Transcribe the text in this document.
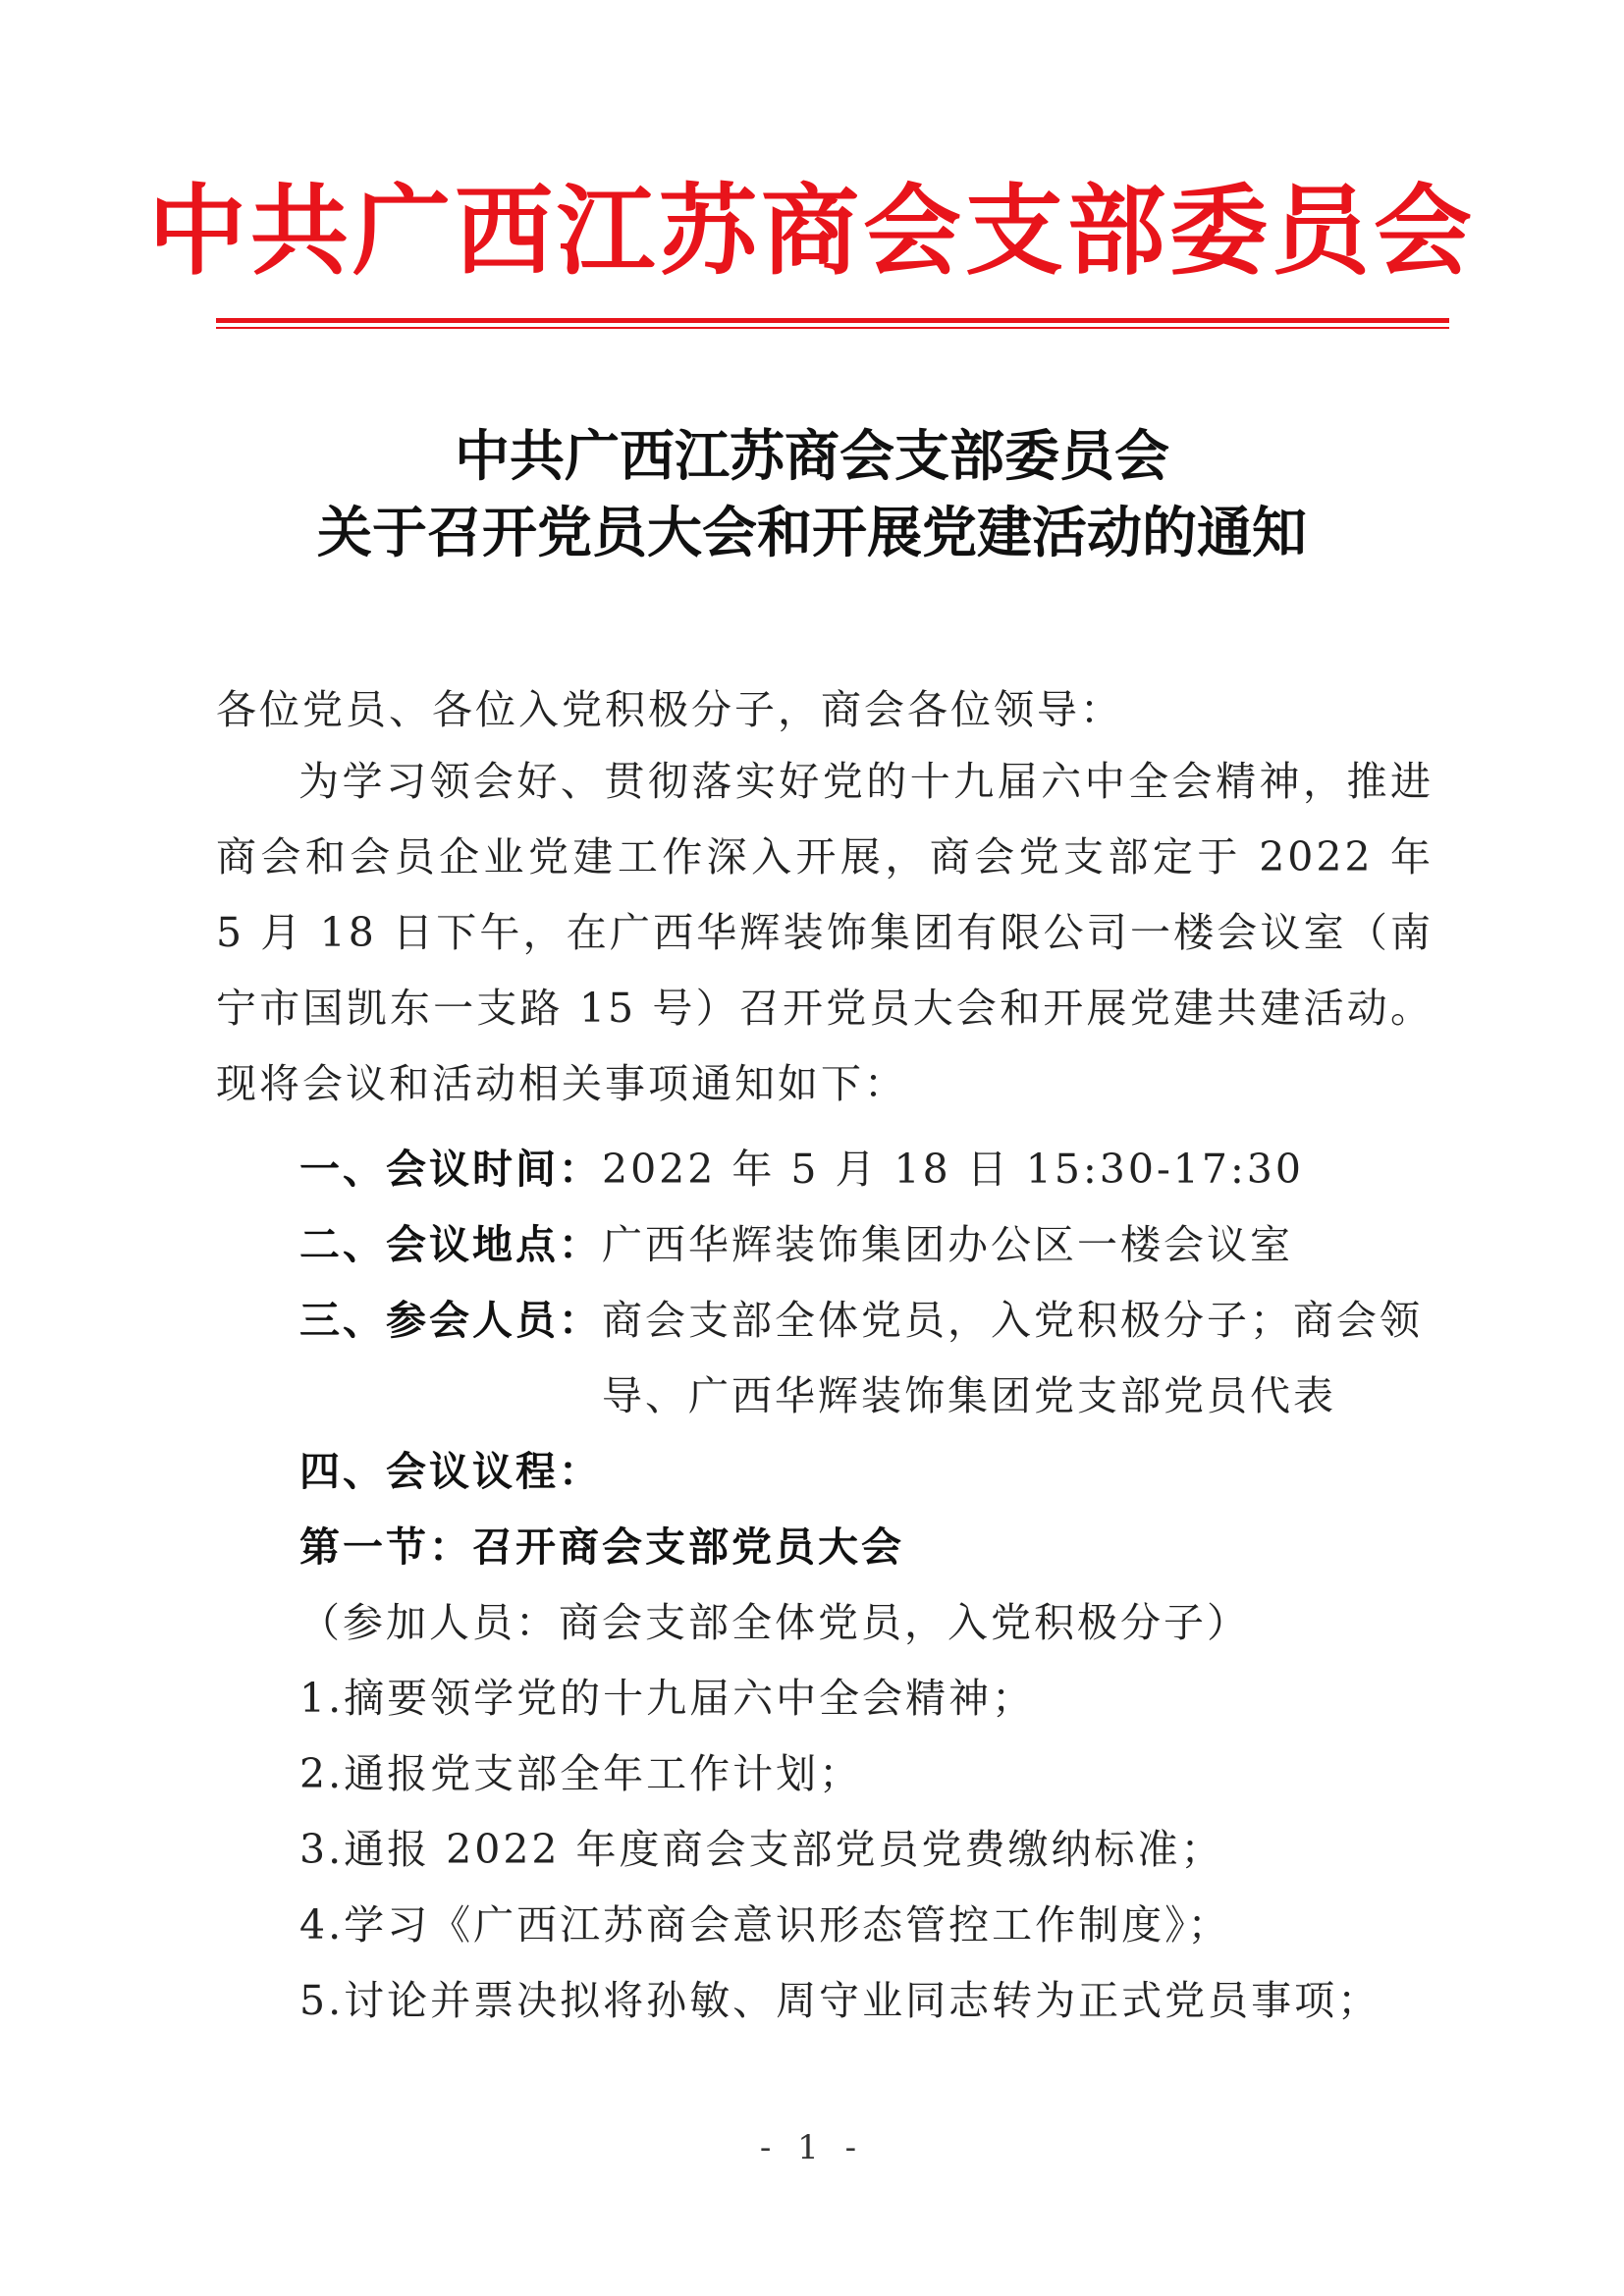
中共广西江苏商会支部委员会
中共广西江苏商会支部委员会
关于召开党员大会和开展党建活动的通知
各位党员、各位入党积极分子，商会各位领导：
为学习领会好、贯彻落实好党的十九届六中全会精神，推进商会和会员企业党建工作深入开展，商会党支部定于 2022 年 5 月 18 日下午，在广西华辉装饰集团有限公司一楼会议室（南宁市国凯东一支路 15 号）召开党员大会和开展党建共建活动。现将会议和活动相关事项通知如下：
一、会议时间：2022 年 5 月 18 日 15:30-17:30
二、会议地点：广西华辉装饰集团办公区一楼会议室
三、参会人员：商会支部全体党员，入党积极分子；商会领
导、广西华辉装饰集团党支部党员代表
四、会议议程：
第一节：召开商会支部党员大会
（参加人员：商会支部全体党员，入党积极分子）
1.摘要领学党的十九届六中全会精神；
2.通报党支部全年工作计划；
3.通报 2022 年度商会支部党员党费缴纳标准；
4.学习《广西江苏商会意识形态管控工作制度》；
5.讨论并票决拟将孙敏、周守业同志转为正式党员事项；
- 1 -
